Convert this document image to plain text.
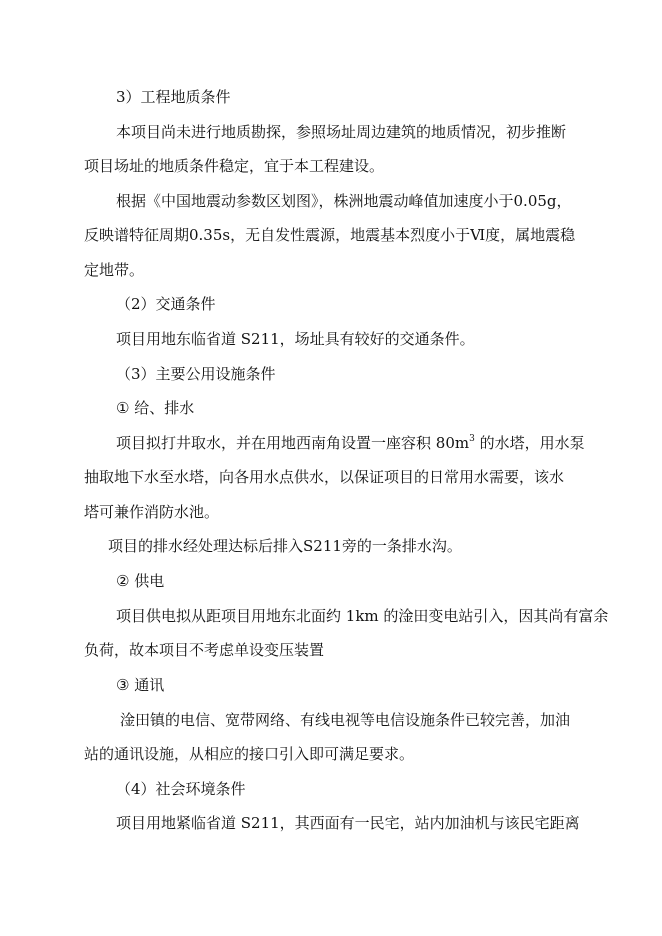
3）工程地质条件
本项目尚未进行地质勘探，参照场址周边建筑的地质情况，初步推断
项目场址的地质条件稳定，宜于本工程建设。
根据《中国地震动参数区划图》，株洲地震动峰值加速度小于0.05g，
反映谱特征周期0.35s，无自发性震源，地震基本烈度小于Ⅵ度，属地震稳
定地带。
（2）交通条件
项目用地东临省道 S211，场址具有较好的交通条件。
（3）主要公用设施条件
① 给、排水
项目拟打井取水，并在用地西南角设置一座容积 $80m^3$ 的水塔，用水泵
抽取地下水至水塔，向各用水点供水，以保证项目的日常用水需要，该水
塔可兼作消防水池。
项目的排水经处理达标后排入S211旁的一条排水沟。
② 供电
项目供电拟从距项目用地东北面约 1km 的淦田变电站引入，因其尚有富余
负荷，故本项目不考虑单设变压装置
③ 通讯
淦田镇的电信、宽带网络、有线电视等电信设施条件已较完善，加油
站的通讯设施，从相应的接口引入即可满足要求。
（4）社会环境条件
项目用地紧临省道 S211，其西面有一民宅，站内加油机与该民宅距离
